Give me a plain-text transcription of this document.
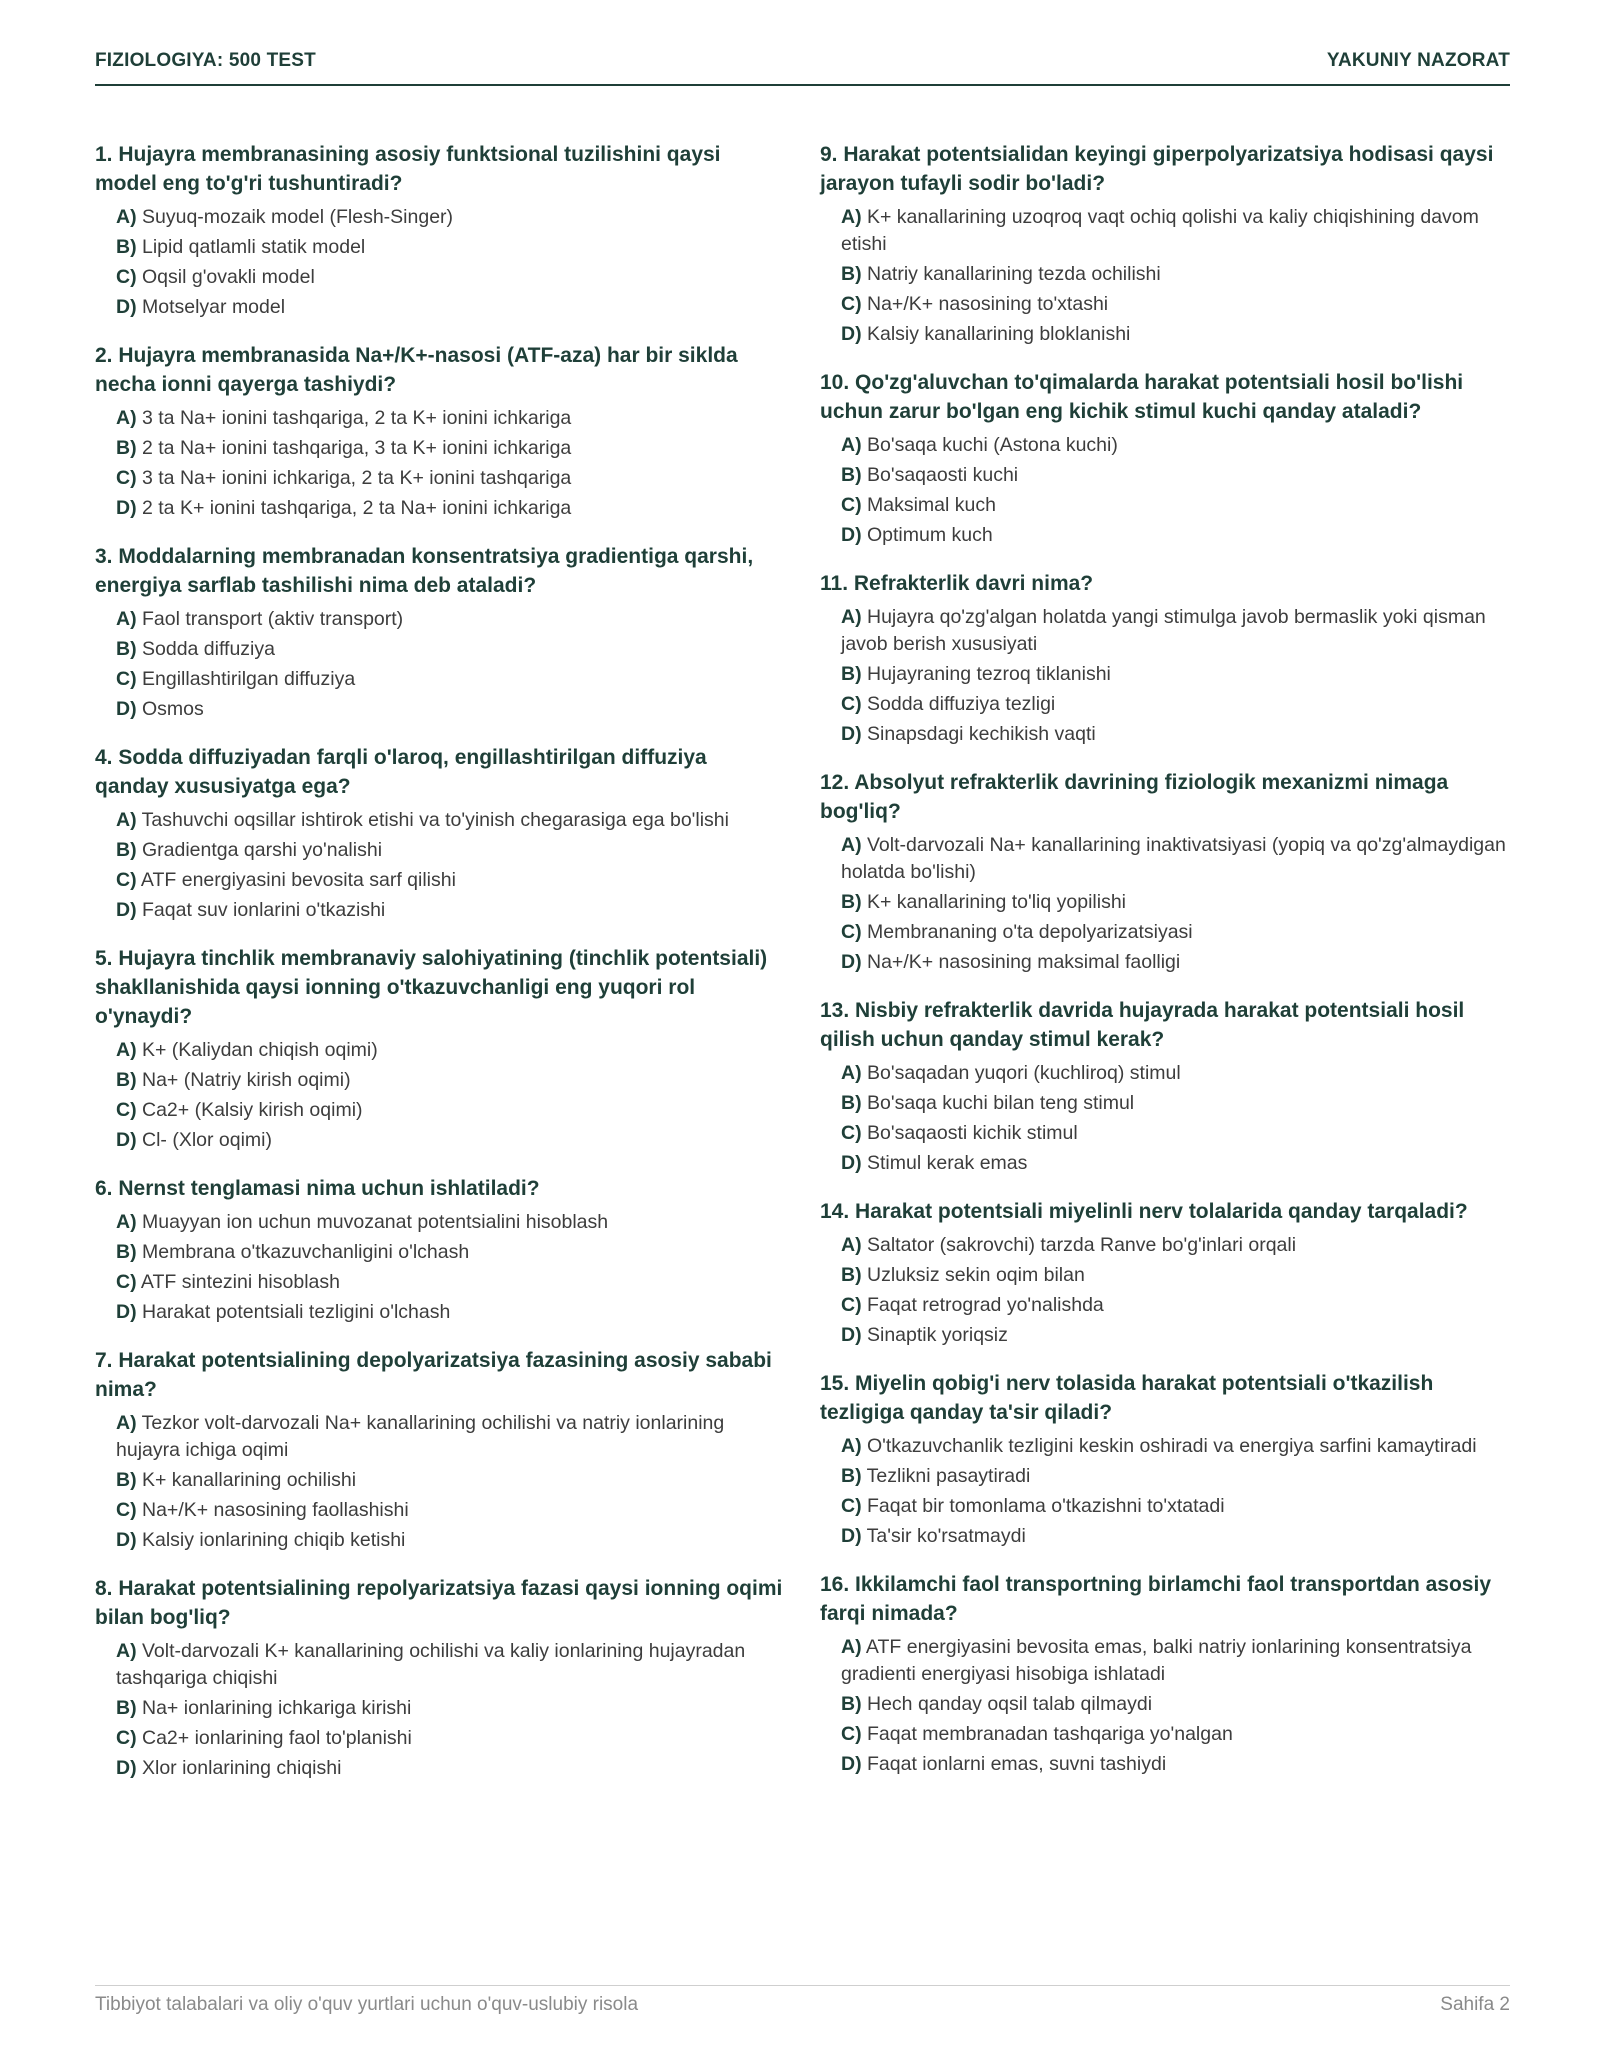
FIZIOLOGIYA: 500 TEST	YAKUNIY NAZORAT
1. Hujayra membranasining asosiy funktsional tuzilishini qaysi model eng to'g'ri tushuntiradi?
A) Suyuq-mozaik model (Flesh-Singer)
B) Lipid qatlamli statik model
C) Oqsil g'ovakli model
D) Motselyar model
2. Hujayra membranasida Na+/K+-nasosi (ATF-aza) har bir siklda necha ionni qayerga tashiydi?
A) 3 ta Na+ ionini tashqariga, 2 ta K+ ionini ichkariga
B) 2 ta Na+ ionini tashqariga, 3 ta K+ ionini ichkariga
C) 3 ta Na+ ionini ichkariga, 2 ta K+ ionini tashqariga
D) 2 ta K+ ionini tashqariga, 2 ta Na+ ionini ichkariga
3. Moddalarning membranadan konsentratsiya gradientiga qarshi, energiya sarflab tashilishi nima deb ataladi?
A) Faol transport (aktiv transport)
B) Sodda diffuziya
C) Engillashtirilgan diffuziya
D) Osmos
4. Sodda diffuziyadan farqli o'laroq, engillashtirilgan diffuziya qanday xususiyatga ega?
A) Tashuvchi oqsillar ishtirok etishi va to'yinish chegarasiga ega bo'lishi
B) Gradientga qarshi yo'nalishi
C) ATF energiyasini bevosita sarf qilishi
D) Faqat suv ionlarini o'tkazishi
5. Hujayra tinchlik membranaviy salohiyatining (tinchlik potentsiali) shakllanishida qaysi ionning o'tkazuvchanligi eng yuqori rol o'ynaydi?
A) K+ (Kaliydan chiqish oqimi)
B) Na+ (Natriy kirish oqimi)
C) Ca2+ (Kalsiy kirish oqimi)
D) Cl- (Xlor oqimi)
6. Nernst tenglamasi nima uchun ishlatiladi?
A) Muayyan ion uchun muvozanat potentsialini hisoblash
B) Membrana o'tkazuvchanligini o'lchash
C) ATF sintezini hisoblash
D) Harakat potentsiali tezligini o'lchash
7. Harakat potentsialining depolyarizatsiya fazasining asosiy sababi nima?
A) Tezkor volt-darvozali Na+ kanallarining ochilishi va natriy ionlarining hujayra ichiga oqimi
B) K+ kanallarining ochilishi
C) Na+/K+ nasosining faollashishi
D) Kalsiy ionlarining chiqib ketishi
8. Harakat potentsialining repolyarizatsiya fazasi qaysi ionning oqimi bilan bog'liq?
A) Volt-darvozali K+ kanallarining ochilishi va kaliy ionlarining hujayradan tashqariga chiqishi
B) Na+ ionlarining ichkariga kirishi
C) Ca2+ ionlarining faol to'planishi
D) Xlor ionlarining chiqishi
9. Harakat potentsialidan keyingi giperpolyarizatsiya hodisasi qaysi jarayon tufayli sodir bo'ladi?
A) K+ kanallarining uzoqroq vaqt ochiq qolishi va kaliy chiqishining davom etishi
B) Natriy kanallarining tezda ochilishi
C) Na+/K+ nasosining to'xtashi
D) Kalsiy kanallarining bloklanishi
10. Qo'zg'aluvchan to'qimalarda harakat potentsiali hosil bo'lishi uchun zarur bo'lgan eng kichik stimul kuchi qanday ataladi?
A) Bo'saqa kuchi (Astona kuchi)
B) Bo'saqaosti kuchi
C) Maksimal kuch
D) Optimum kuch
11. Refrakterlik davri nima?
A) Hujayra qo'zg'algan holatda yangi stimulga javob bermaslik yoki qisman javob berish xususiyati
B) Hujayraning tezroq tiklanishi
C) Sodda diffuziya tezligi
D) Sinapsdagi kechikish vaqti
12. Absolyut refrakterlik davrining fiziologik mexanizmi nimaga bog'liq?
A) Volt-darvozali Na+ kanallarining inaktivatsiyasi (yopiq va qo'zg'almaydigan holatda bo'lishi)
B) K+ kanallarining to'liq yopilishi
C) Membrananing o'ta depolyarizatsiyasi
D) Na+/K+ nasosining maksimal faolligi
13. Nisbiy refrakterlik davrida hujayrada harakat potentsiali hosil qilish uchun qanday stimul kerak?
A) Bo'saqadan yuqori (kuchliroq) stimul
B) Bo'saqa kuchi bilan teng stimul
C) Bo'saqaosti kichik stimul
D) Stimul kerak emas
14. Harakat potentsiali miyelinli nerv tolalarida qanday tarqaladi?
A) Saltator (sakrovchi) tarzda Ranve bo'g'inlari orqali
B) Uzluksiz sekin oqim bilan
C) Faqat retrograd yo'nalishda
D) Sinaptik yoriqsiz
15. Miyelin qobig'i nerv tolasida harakat potentsiali o'tkazilish tezligiga qanday ta'sir qiladi?
A) O'tkazuvchanlik tezligini keskin oshiradi va energiya sarfini kamaytiradi
B) Tezlikni pasaytiradi
C) Faqat bir tomonlama o'tkazishni to'xtatadi
D) Ta'sir ko'rsatmaydi
16. Ikkilamchi faol transportning birlamchi faol transportdan asosiy farqi nimada?
A) ATF energiyasini bevosita emas, balki natriy ionlarining konsentratsiya gradienti energiyasi hisobiga ishlatadi
B) Hech qanday oqsil talab qilmaydi
C) Faqat membranadan tashqariga yo'nalgan
D) Faqat ionlarni emas, suvni tashiydi
Tibbiyot talabalari va oliy o'quv yurtlari uchun o'quv-uslubiy risola	Sahifa 2
